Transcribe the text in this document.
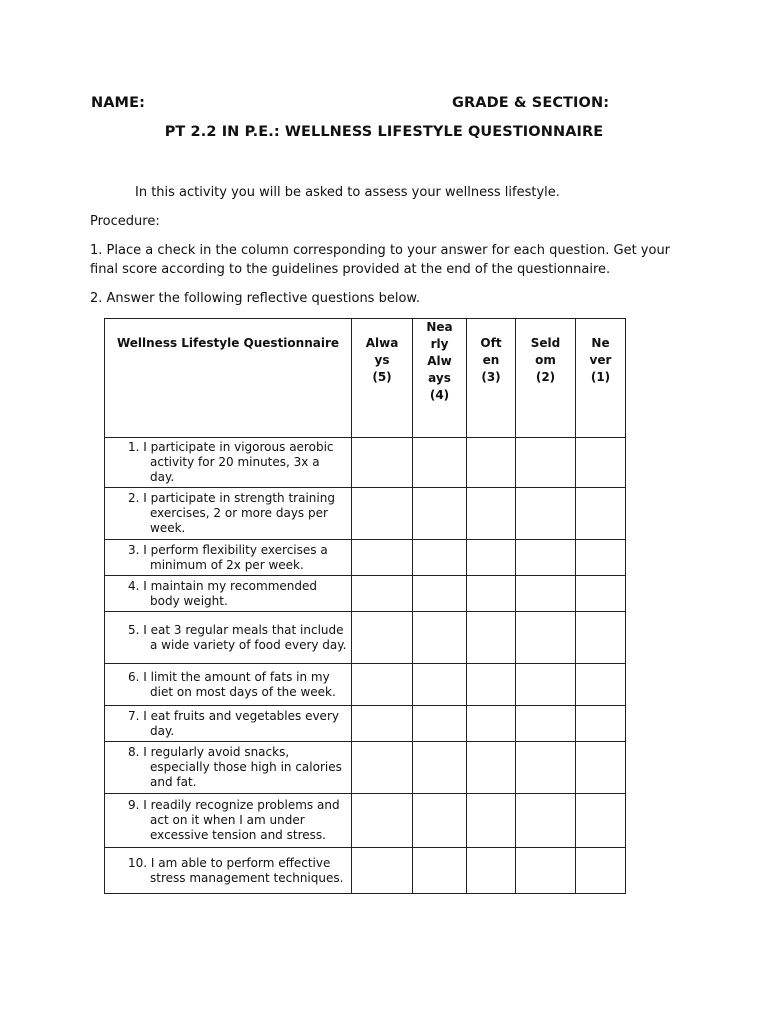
NAME:	GRADE & SECTION:
PT 2.2 IN P.E.: WELLNESS LIFESTYLE QUESTIONNAIRE
In this activity you will be asked to assess your wellness lifestyle.
Procedure:
1. Place a check in the column corresponding to your answer for each question. Get your final score according to the guidelines provided at the end of the questionnaire.
2. Answer the following reflective questions below.
Wellness Lifestyle Questionnaire	Always (5)	Nearly Always (4)	Often (3)	Seldom (2)	Never (1)

1. I participate in vigorous aerobic activity for 20 minutes, 3x a day.					

2. I participate in strength training exercises, 2 or more days per week.					

3. I perform flexibility exercises a minimum of 2x per week.					

4. I maintain my recommended body weight.					

5. I eat 3 regular meals that include a wide variety of food every day.					

6. I limit the amount of fats in my diet on most days of the week.					

7. I eat fruits and vegetables every day.					

8. I regularly avoid snacks, especially those high in calories and fat.					

9. I readily recognize problems and act on it when I am under excessive tension and stress.					

10. I am able to perform effective stress management techniques.					
